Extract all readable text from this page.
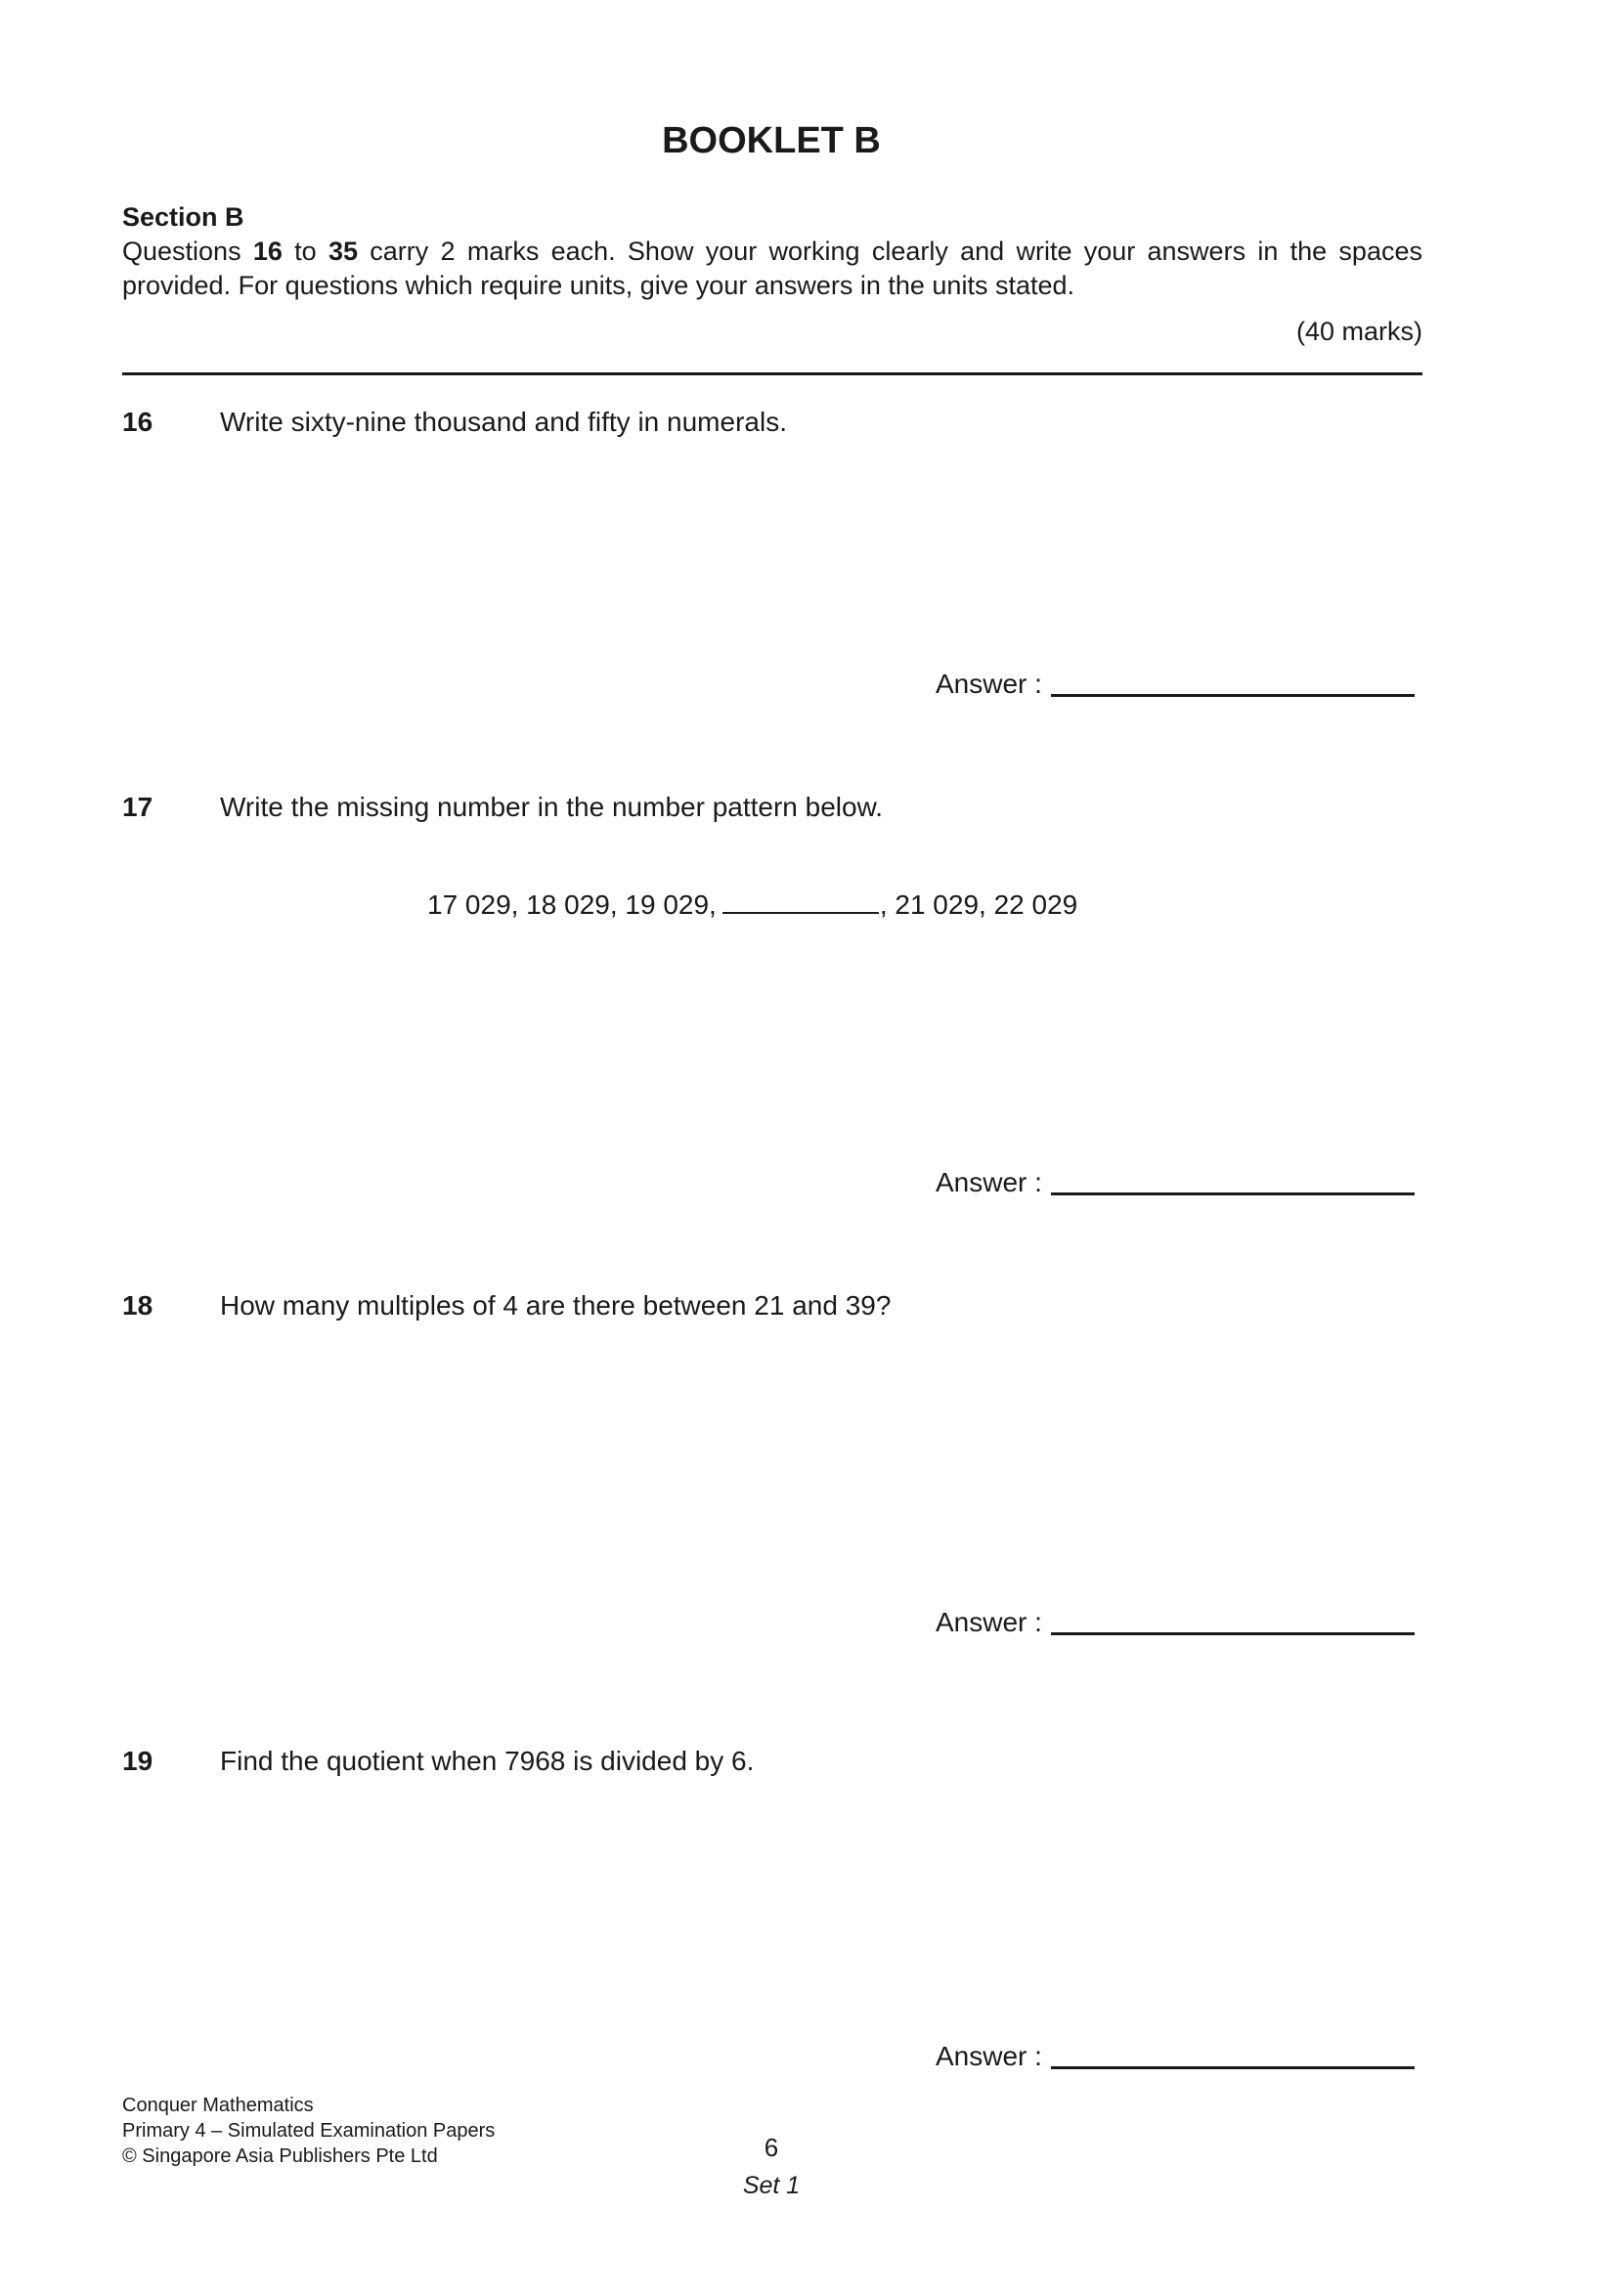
BOOKLET B
Section B
Questions 16 to 35 carry 2 marks each. Show your working clearly and write your answers in the spaces provided. For questions which require units, give your answers in the units stated.
(40 marks)
16 Write sixty-nine thousand and fifty in numerals.
Answer :
17 Write the missing number in the number pattern below.
17 029, 18 029, 19 029,	, 21 029, 22 029
Answer :
18 How many multiples of 4 are there between 21 and 39?
Answer :
19 Find the quotient when 7968 is divided by 6.
Answer :
Conquer Mathematics
Primary 4 – Simulated Examination Papers
© Singapore Asia Publishers Pte Ltd	6
Set 1
